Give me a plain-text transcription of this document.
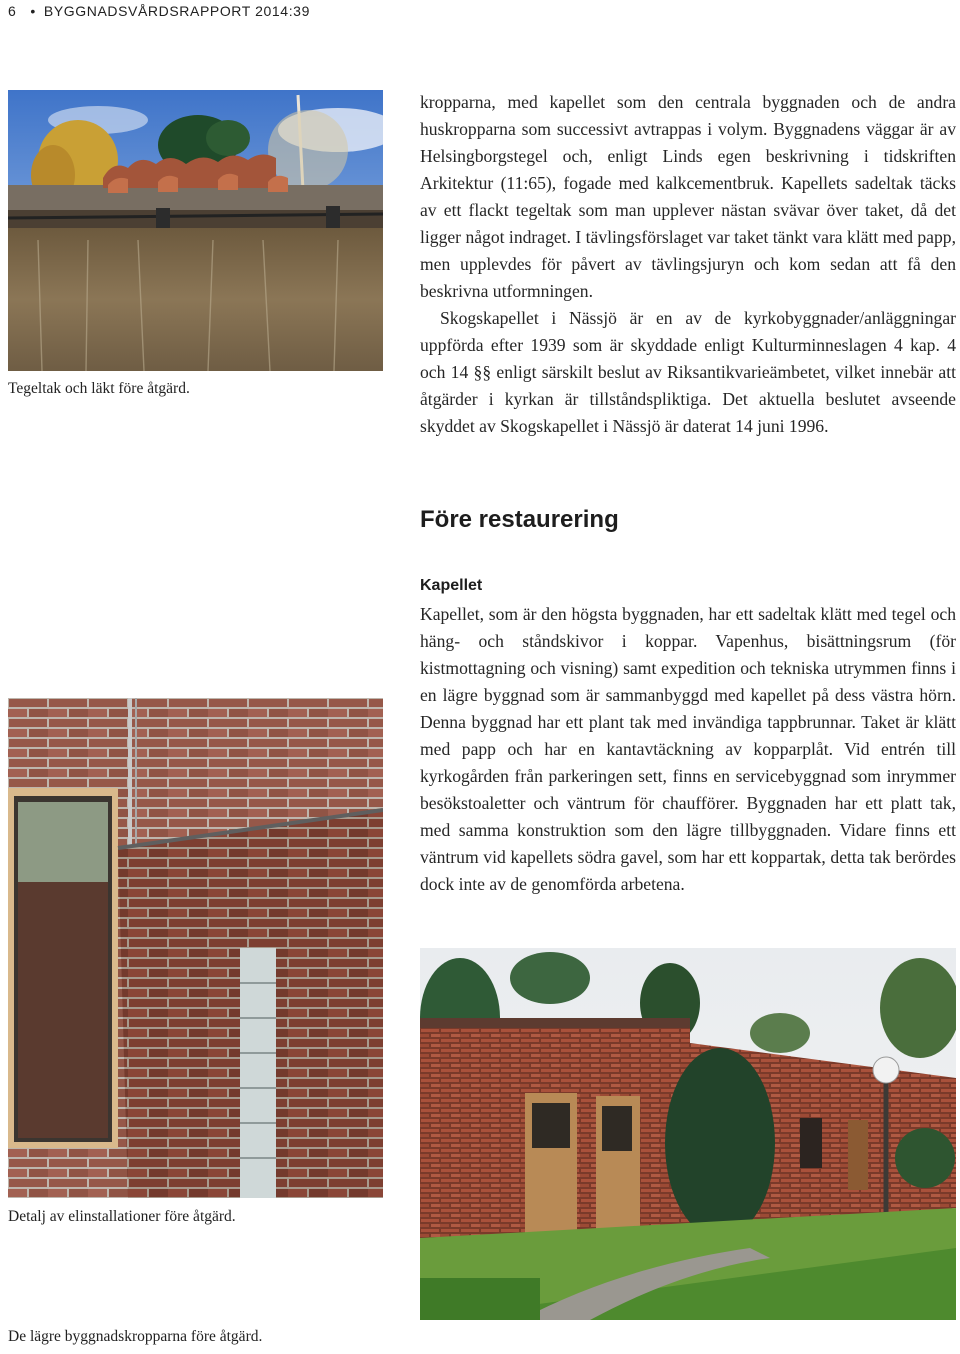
6 • BYGGNADSVÅRDSRAPPORT 2014:39
Tegeltak och läkt före åtgärd.

kropparna, med kapellet som den centrala byggnaden och de andra huskropparna som successivt avtrappas i volym. Byggnadens väggar är av Helsingborgstegel och, enligt Linds egen beskrivning i tidskriften Arkitektur (11:65), fogade med kalkcementbruk. Kapellets sadeltak täcks av ett flackt tegeltak som man upplever nästan svävar över taket, då det ligger något indraget. I tävlingsförslaget var taket tänkt vara klätt med papp, men upplevdes för påvert av tävlingsjuryn och kom sedan att få den beskrivna utformningen.

Skogskapellet i Nässjö är en av de kyrkobyggnader/anläggningar uppförda efter 1939 som är skyddade enligt Kulturminneslagen 4 kap. 4 och 14 §§ enligt särskilt beslut av Riksantikvarieämbetet, vilket innebär att åtgärder i kyrkan är tillståndspliktiga. Det aktuella beslutet avseende skyddet av Skogskapellet i Nässjö är daterat 14 juni 1996.

Före restaurering
Kapellet

Kapellet, som är den högsta byggnaden, har ett sadeltak klätt med tegel och häng- och ståndskivor i koppar. Vapenhus, bisättningsrum (för kistmottagning och visning) samt expedition och tekniska utrymmen finns i en lägre byggnad som är sammanbyggd med kapellet på dess västra hörn. Denna byggnad har ett plant tak med invändiga tappbrunnar. Taket är klätt med papp och har en kantavtäckning av kopparplåt. Vid entrén till kyrkogården från parkeringen sett, finns en servicebyggnad som inrymmer besökstoaletter och väntrum för chaufförer. Byggnaden har ett platt tak, med samma konstruktion som den lägre tillbyggnaden. Vidare finns ett väntrum vid kapellets södra gavel, som har ett koppartak, detta tak berördes dock inte av de genomförda arbetena.

Detalj av elinstallationer före åtgärd.
De lägre byggnadskropparna före åtgärd.
